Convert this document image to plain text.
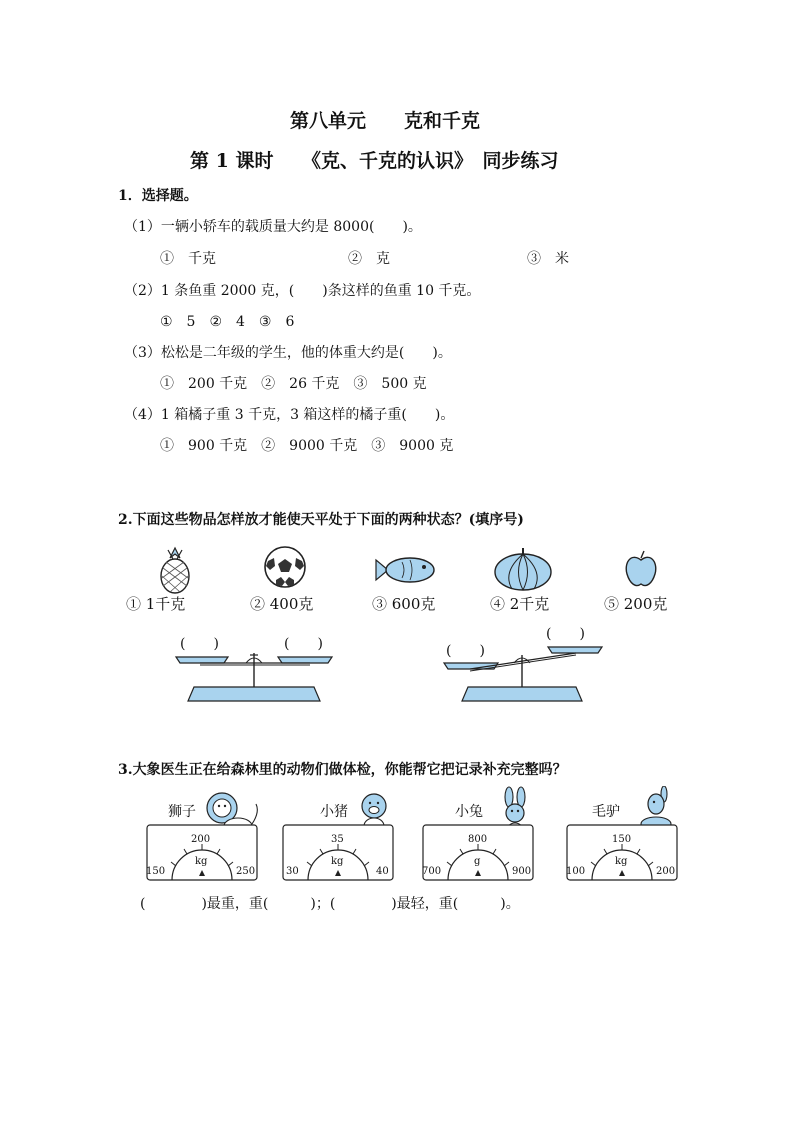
第八单元　　克和千克
第 1 课时　　《克、千克的认识》　同步练习
1．选择题。
（1）一辆小轿车的载质量大约是 8000(　　)。
①　千克	②　克	③　米
（2）1 条鱼重 2000 克，(　　)条这样的鱼重 10 千克。
①　5　②　4　③　6
（3）松松是二年级的学生，他的体重大约是(　　)。
①　200 千克　②　26 千克　③　500 克
（4）1 箱橘子重 3 千克，3 箱这样的橘子重(　　)。
①　900 千克　②　9000 千克　③　9000 克
2.下面这些物品怎样放才能使天平处于下面的两种状态？(填序号)
① 1千克	② 400克	③ 600克	④ 2千克	⑤ 200克
(　　)	(　　)
(　　)
(　　)
3.大象医生正在给森林里的动物们做体检，你能帮它把记录补充完整吗？
狮子	小猪	小兔	毛驴
200
150	250
kg
35
30	40
kg
800
700	900
g
150
100	200
kg
(　　　　)最重，重(　　　)；(　　　　)最轻，重(　　　)。
